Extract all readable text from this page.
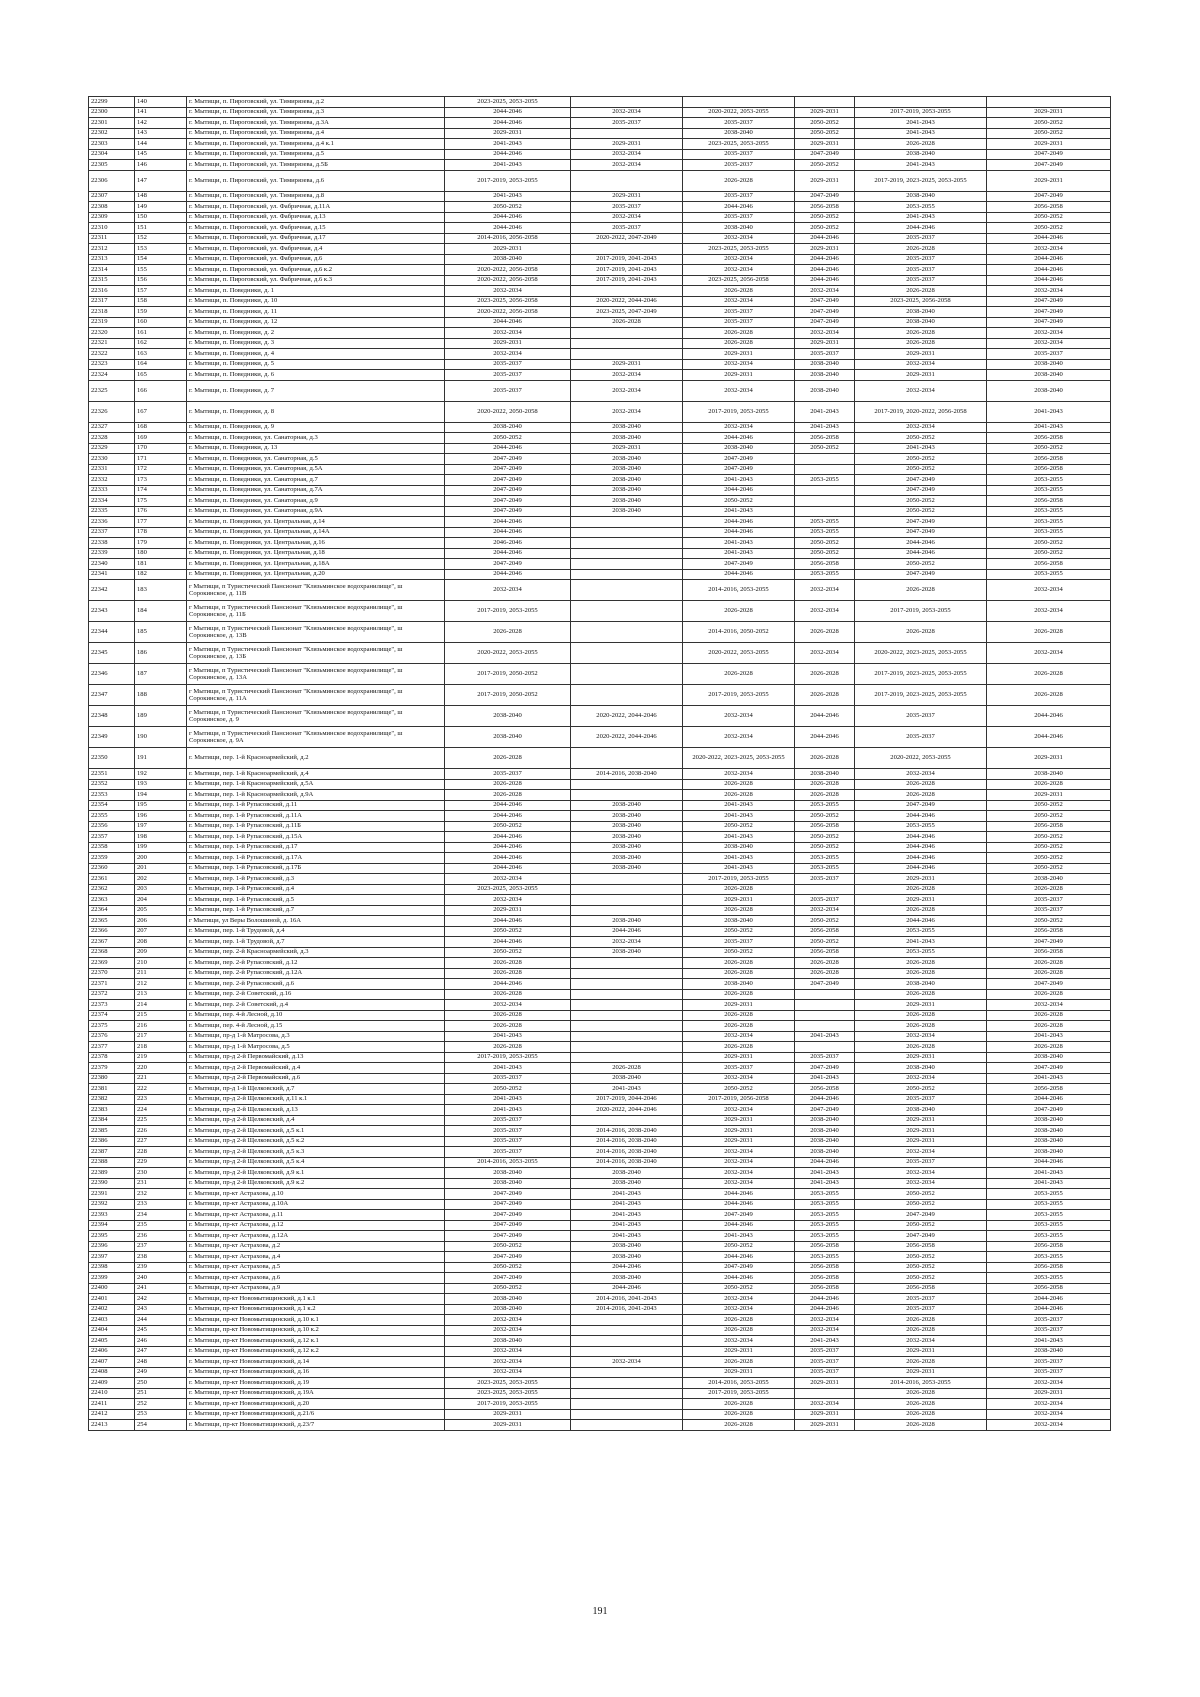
22299	140	г. Мытищи, п. Пироговский, ул. Тимирязева, д.2	2023-2025, 2053-2055					
22300	141	г. Мытищи, п. Пироговский, ул. Тимирязева, д.3	2044-2046	2032-2034	2020-2022, 2053-2055	2029-2031	2017-2019, 2053-2055	2029-2031
22301	142	г. Мытищи, п. Пироговский, ул. Тимирязева, д.3А	2044-2046	2035-2037	2035-2037	2050-2052	2041-2043	2050-2052
22302	143	г. Мытищи, п. Пироговский, ул. Тимирязева, д.4	2029-2031		2038-2040	2050-2052	2041-2043	2050-2052
22303	144	г. Мытищи, п. Пироговский, ул. Тимирязева, д.4 к.1	2041-2043	2029-2031	2023-2025, 2053-2055	2029-2031	2026-2028	2029-2031
22304	145	г. Мытищи, п. Пироговский, ул. Тимирязева, д.5	2044-2046	2032-2034	2035-2037	2047-2049	2038-2040	2047-2049
22305	146	г. Мытищи, п. Пироговский, ул. Тимирязева, д.5Б	2041-2043	2032-2034	2035-2037	2050-2052	2041-2043	2047-2049
22306	147	г. Мытищи, п. Пироговский, ул. Тимирязева, д.6	2017-2019, 2053-2055		2026-2028	2029-2031	2017-2019, 2023-2025, 2053-2055	2029-2031
22307	148	г. Мытищи, п. Пироговский, ул. Тимирязева, д.8	2041-2043	2029-2031	2035-2037	2047-2049	2038-2040	2047-2049
22308	149	г. Мытищи, п. Пироговский, ул. Фабричная, д.11А	2050-2052	2035-2037	2044-2046	2056-2058	2053-2055	2056-2058
22309	150	г. Мытищи, п. Пироговский, ул. Фабричная, д.13	2044-2046	2032-2034	2035-2037	2050-2052	2041-2043	2050-2052
22310	151	г. Мытищи, п. Пироговский, ул. Фабричная, д.15	2044-2046	2035-2037	2038-2040	2050-2052	2044-2046	2050-2052
22311	152	г. Мытищи, п. Пироговский, ул. Фабричная, д.17	2014-2016, 2056-2058	2020-2022, 2047-2049	2032-2034	2044-2046	2035-2037	2044-2046
22312	153	г. Мытищи, п. Пироговский, ул. Фабричная, д.4	2029-2031		2023-2025, 2053-2055	2029-2031	2026-2028	2032-2034
22313	154	г. Мытищи, п. Пироговский, ул. Фабричная, д.6	2038-2040	2017-2019, 2041-2043	2032-2034	2044-2046	2035-2037	2044-2046
22314	155	г. Мытищи, п. Пироговский, ул. Фабричная, д.6 к.2	2020-2022, 2056-2058	2017-2019, 2041-2043	2032-2034	2044-2046	2035-2037	2044-2046
22315	156	г. Мытищи, п. Пироговский, ул. Фабричная, д.6 к.3	2020-2022, 2056-2058	2017-2019, 2041-2043	2023-2025, 2056-2058	2044-2046	2035-2037	2044-2046
22316	157	г. Мытищи, п. Поведники, д. 1	2032-2034		2026-2028	2032-2034	2026-2028	2032-2034
22317	158	г. Мытищи, п. Поведники, д. 10	2023-2025, 2056-2058	2020-2022, 2044-2046	2032-2034	2047-2049	2023-2025, 2056-2058	2047-2049
22318	159	г. Мытищи, п. Поведники, д. 11	2020-2022, 2056-2058	2023-2025, 2047-2049	2035-2037	2047-2049	2038-2040	2047-2049
22319	160	г. Мытищи, п. Поведники, д. 12	2044-2046	2026-2028	2035-2037	2047-2049	2038-2040	2047-2049
22320	161	г. Мытищи, п. Поведники, д. 2	2032-2034		2026-2028	2032-2034	2026-2028	2032-2034
22321	162	г. Мытищи, п. Поведники, д. 3	2029-2031		2026-2028	2029-2031	2026-2028	2032-2034
22322	163	г. Мытищи, п. Поведники, д. 4	2032-2034		2029-2031	2035-2037	2029-2031	2035-2037
22323	164	г. Мытищи, п. Поведники, д. 5	2035-2037	2029-2031	2032-2034	2038-2040	2032-2034	2038-2040
22324	165	г. Мытищи, п. Поведники, д. 6	2035-2037	2032-2034	2029-2031	2038-2040	2029-2031	2038-2040
22325	166	г. Мытищи, п. Поведники, д. 7	2035-2037	2032-2034	2032-2034	2038-2040	2032-2034	2038-2040
22326	167	г. Мытищи, п. Поведники, д. 8	2020-2022, 2050-2058	2032-2034	2017-2019, 2053-2055	2041-2043	2017-2019, 2020-2022, 2056-2058	2041-2043
22327	168	г. Мытищи, п. Поведники, д. 9	2038-2040	2038-2040	2032-2034	2041-2043	2032-2034	2041-2043
22328	169	г. Мытищи, п. Поведники, ул. Санаторная, д.3	2050-2052	2038-2040	2044-2046	2056-2058	2050-2052	2056-2058
22329	170	г. Мытищи, п. Поведники, д. 13	2044-2046	2029-2031	2038-2040	2050-2052	2041-2043	2050-2052
22330	171	г. Мытищи, п. Поведники, ул. Санаторная, д.5	2047-2049	2038-2040	2047-2049		2050-2052	2056-2058
22331	172	г. Мытищи, п. Поведники, ул. Санаторная, д.5А	2047-2049	2038-2040	2047-2049		2050-2052	2056-2058
22332	173	г. Мытищи, п. Поведники, ул. Санаторная, д.7	2047-2049	2038-2040	2041-2043	2053-2055	2047-2049	2053-2055
22333	174	г. Мытищи, п. Поведники, ул. Санаторная, д.7А	2047-2049	2038-2040	2044-2046		2047-2049	2053-2055
22334	175	г. Мытищи, п. Поведники, ул. Санаторная, д.9	2047-2049	2038-2040	2050-2052		2050-2052	2056-2058
22335	176	г. Мытищи, п. Поведники, ул. Санаторная, д.9А	2047-2049	2038-2040	2041-2043		2050-2052	2053-2055
22336	177	г. Мытищи, п. Поведники, ул. Центральная, д.14	2044-2046		2044-2046	2053-2055	2047-2049	2053-2055
22337	178	г. Мытищи, п. Поведники, ул. Центральная, д.14А	2044-2046		2044-2046	2053-2055	2047-2049	2053-2055
22338	179	г. Мытищи, п. Поведники, ул. Центральная, д.16	2046-2046		2041-2043	2050-2052	2044-2046	2050-2052
22339	180	г. Мытищи, п. Поведники, ул. Центральная, д.18	2044-2046		2041-2043	2050-2052	2044-2046	2050-2052
22340	181	г. Мытищи, п. Поведники, ул. Центральная, д.18А	2047-2049		2047-2049	2056-2058	2050-2052	2056-2058
22341	182	г. Мытищи, п. Поведники, ул. Центральная, д.20	2044-2046		2044-2046	2053-2055	2047-2049	2053-2055
22342	183	г Мытищи, п Туристический Пансионат "Клязьминское водохранилище", ш Сорокинское, д. 11В	2032-2034		2014-2016, 2053-2055	2032-2034	2026-2028	2032-2034
22343	184	г Мытищи, п Туристический Пансионат "Клязьминское водохранилище", ш Сорокинское, д. 11Б	2017-2019, 2053-2055		2026-2028	2032-2034	2017-2019, 2053-2055	2032-2034
22344	185	г Мытищи, п Туристический Пансионат "Клязьминское водохранилище", ш Сорокинское, д. 13В	2026-2028		2014-2016, 2050-2052	2026-2028	2026-2028	2026-2028
22345	186	г Мытищи, п Туристический Пансионат "Клязьминское водохранилище", ш Сорокинское, д. 13Б	2020-2022, 2053-2055		2020-2022, 2053-2055	2032-2034	2020-2022, 2023-2025, 2053-2055	2032-2034
22346	187	г Мытищи, п Туристический Пансионат "Клязьминское водохранилище", ш Сорокинское, д. 13А	2017-2019, 2050-2052		2026-2028	2026-2028	2017-2019, 2023-2025, 2053-2055	2026-2028
22347	188	г Мытищи, п Туристический Пансионат "Клязьминское водохранилище", ш Сорокинское, д. 11А	2017-2019, 2050-2052		2017-2019, 2053-2055	2026-2028	2017-2019, 2023-2025, 2053-2055	2026-2028
22348	189	г Мытищи, п Туристический Пансионат "Клязьминское водохранилище", ш Сорокинское, д. 9	2038-2040	2020-2022, 2044-2046	2032-2034	2044-2046	2035-2037	2044-2046
22349	190	г Мытищи, п Туристический Пансионат "Клязьминское водохранилище", ш Сорокинское, д. 9А	2038-2040	2020-2022, 2044-2046	2032-2034	2044-2046	2035-2037	2044-2046
22350	191	г. Мытищи, пер. 1-й Красноармейский, д.2	2026-2028		2020-2022, 2023-2025, 2053-2055	2026-2028	2020-2022, 2053-2055	2029-2031
22351	192	г. Мытищи, пер. 1-й Красноармейский, д.4	2035-2037	2014-2016, 2038-2040	2032-2034	2038-2040	2032-2034	2038-2040
22352	193	г. Мытищи, пер. 1-й Красноармейский, д.5А	2026-2028		2026-2028	2026-2028	2026-2028	2026-2028
22353	194	г. Мытищи, пер. 1-й Красноармейский, д.9А	2026-2028		2026-2028	2026-2028	2026-2028	2029-2031
22354	195	г. Мытищи, пер. 1-й Рупасовский, д.11	2044-2046	2038-2040	2041-2043	2053-2055	2047-2049	2050-2052
22355	196	г. Мытищи, пер. 1-й Рупасовский, д.11А	2044-2046	2038-2040	2041-2043	2050-2052	2044-2046	2050-2052
22356	197	г. Мытищи, пер. 1-й Рупасовский, д.11Б	2050-2052	2038-2040	2050-2052	2056-2058	2053-2055	2056-2058
22357	198	г. Мытищи, пер. 1-й Рупасовский, д.15А	2044-2046	2038-2040	2041-2043	2050-2052	2044-2046	2050-2052
22358	199	г. Мытищи, пер. 1-й Рупасовский, д.17	2044-2046	2038-2040	2038-2040	2050-2052	2044-2046	2050-2052
22359	200	г. Мытищи, пер. 1-й Рупасовский, д.17А	2044-2046	2038-2040	2041-2043	2053-2055	2044-2046	2050-2052
22360	201	г. Мытищи, пер. 1-й Рупасовский, д.17Б	2044-2046	2038-2040	2041-2043	2053-2055	2044-2046	2050-2052
22361	202	г. Мытищи, пер. 1-й Рупасовский, д.3	2032-2034		2017-2019, 2053-2055	2035-2037	2029-2031	2038-2040
22362	203	г. Мытищи, пер. 1-й Рупасовский, д.4	2023-2025, 2053-2055		2026-2028		2026-2028	2026-2028
22363	204	г. Мытищи, пер. 1-й Рупасовский, д.5	2032-2034		2029-2031	2035-2037	2029-2031	2035-2037
22364	205	г. Мытищи, пер. 1-й Рупасовский, д.7	2029-2031		2026-2028	2032-2034	2026-2028	2035-2037
22365	206	г Мытищи, ул Веры Волошиной, д. 16А	2044-2046	2038-2040	2038-2040	2050-2052	2044-2046	2050-2052
22366	207	г. Мытищи, пер. 1-й Трудовой, д.4	2050-2052	2044-2046	2050-2052	2056-2058	2053-2055	2056-2058
22367	208	г. Мытищи, пер. 1-й Трудовой, д.7	2044-2046	2032-2034	2035-2037	2050-2052	2041-2043	2047-2049
22368	209	г. Мытищи, пер. 2-й Красноармейский, д.3	2050-2052	2038-2040	2050-2052	2056-2058	2053-2055	2056-2058
22369	210	г. Мытищи, пер. 2-й Рупасовский, д.12	2026-2028		2026-2028	2026-2028	2026-2028	2026-2028
22370	211	г. Мытищи, пер. 2-й Рупасовский, д.12А	2026-2028		2026-2028	2026-2028	2026-2028	2026-2028
22371	212	г. Мытищи, пер. 2-й Рупасовский, д.6	2044-2046		2038-2040	2047-2049	2038-2040	2047-2049
22372	213	г. Мытищи, пер. 2-й Советский, д.16	2026-2028		2026-2028		2026-2028	2026-2028
22373	214	г. Мытищи, пер. 2-й Советский, д.4	2032-2034		2029-2031		2029-2031	2032-2034
22374	215	г. Мытищи, пер. 4-й Лесной, д.10	2026-2028		2026-2028		2026-2028	2026-2028
22375	216	г. Мытищи, пер. 4-й Лесной, д.15	2026-2028		2026-2028		2026-2028	2026-2028
22376	217	г. Мытищи, пр-д 1-й Матросова, д.3	2041-2043		2032-2034	2041-2043	2032-2034	2041-2043
22377	218	г. Мытищи, пр-д 1-й Матросова, д.5	2026-2028		2026-2028		2026-2028	2026-2028
22378	219	г. Мытищи, пр-д 2-й Первомайский, д.13	2017-2019, 2053-2055		2029-2031	2035-2037	2029-2031	2038-2040
22379	220	г. Мытищи, пр-д 2-й Первомайский, д.4	2041-2043	2026-2028	2035-2037	2047-2049	2038-2040	2047-2049
22380	221	г. Мытищи, пр-д 2-й Первомайский, д.6	2035-2037	2038-2040	2032-2034	2041-2043	2032-2034	2041-2043
22381	222	г. Мытищи, пр-д 1-й Щелковский, д.7	2050-2052	2041-2043	2050-2052	2056-2058	2050-2052	2056-2058
22382	223	г. Мытищи, пр-д 2-й Щелковский, д.11 к.1	2041-2043	2017-2019, 2044-2046	2017-2019, 2056-2058	2044-2046	2035-2037	2044-2046
22383	224	г. Мытищи, пр-д 2-й Щелковский, д.13	2041-2043	2020-2022, 2044-2046	2032-2034	2047-2049	2038-2040	2047-2049
22384	225	г. Мытищи, пр-д 2-й Щелковский, д.4	2035-2037		2029-2031	2038-2040	2029-2031	2038-2040
22385	226	г. Мытищи, пр-д 2-й Щелковский, д.5 к.1	2035-2037	2014-2016, 2038-2040	2029-2031	2038-2040	2029-2031	2038-2040
22386	227	г. Мытищи, пр-д 2-й Щелковский, д.5 к.2	2035-2037	2014-2016, 2038-2040	2029-2031	2038-2040	2029-2031	2038-2040
22387	228	г. Мытищи, пр-д 2-й Щелковский, д.5 к.3	2035-2037	2014-2016, 2038-2040	2032-2034	2038-2040	2032-2034	2038-2040
22388	229	г. Мытищи, пр-д 2-й Щелковский, д.5 к.4	2014-2016, 2053-2055	2014-2016, 2038-2040	2032-2034	2044-2046	2035-2037	2044-2046
22389	230	г. Мытищи, пр-д 2-й Щелковский, д.9 к.1	2038-2040	2038-2040	2032-2034	2041-2043	2032-2034	2041-2043
22390	231	г. Мытищи, пр-д 2-й Щелковский, д.9 к.2	2038-2040	2038-2040	2032-2034	2041-2043	2032-2034	2041-2043
22391	232	г. Мытищи, пр-кт Астрахова, д.10	2047-2049	2041-2043	2044-2046	2053-2055	2050-2052	2053-2055
22392	233	г. Мытищи, пр-кт Астрахова, д.10А	2047-2049	2041-2043	2044-2046	2053-2055	2050-2052	2053-2055
22393	234	г. Мытищи, пр-кт Астрахова, д.11	2047-2049	2041-2043	2047-2049	2053-2055	2047-2049	2053-2055
22394	235	г. Мытищи, пр-кт Астрахова, д.12	2047-2049	2041-2043	2044-2046	2053-2055	2050-2052	2053-2055
22395	236	г. Мытищи, пр-кт Астрахова, д.12А	2047-2049	2041-2043	2041-2043	2053-2055	2047-2049	2053-2055
22396	237	г. Мытищи, пр-кт Астрахова, д.2	2050-2052	2038-2040	2050-2052	2056-2058	2056-2058	2056-2058
22397	238	г. Мытищи, пр-кт Астрахова, д.4	2047-2049	2038-2040	2044-2046	2053-2055	2050-2052	2053-2055
22398	239	г. Мытищи, пр-кт Астрахова, д.5	2050-2052	2044-2046	2047-2049	2056-2058	2050-2052	2056-2058
22399	240	г. Мытищи, пр-кт Астрахова, д.6	2047-2049	2038-2040	2044-2046	2056-2058	2050-2052	2053-2055
22400	241	г. Мытищи, пр-кт Астрахова, д.9	2050-2052	2044-2046	2050-2052	2056-2058	2056-2058	2056-2058
22401	242	г. Мытищи, пр-кт Новомытищинский, д.1 к.1	2038-2040	2014-2016, 2041-2043	2032-2034	2044-2046	2035-2037	2044-2046
22402	243	г. Мытищи, пр-кт Новомытищинский, д.1 к.2	2038-2040	2014-2016, 2041-2043	2032-2034	2044-2046	2035-2037	2044-2046
22403	244	г. Мытищи, пр-кт Новомытищинский, д.10 к.1	2032-2034		2026-2028	2032-2034	2026-2028	2035-2037
22404	245	г. Мытищи, пр-кт Новомытищинский, д.10 к.2	2032-2034		2026-2028	2032-2034	2026-2028	2035-2037
22405	246	г. Мытищи, пр-кт Новомытищинский, д.12 к.1	2038-2040		2032-2034	2041-2043	2032-2034	2041-2043
22406	247	г. Мытищи, пр-кт Новомытищинский, д.12 к.2	2032-2034		2029-2031	2035-2037	2029-2031	2038-2040
22407	248	г. Мытищи, пр-кт Новомытищинский, д.14	2032-2034	2032-2034	2026-2028	2035-2037	2026-2028	2035-2037
22408	249	г. Мытищи, пр-кт Новомытищинский, д.16	2032-2034		2029-2031	2035-2037	2029-2031	2035-2037
22409	250	г. Мытищи, пр-кт Новомытищинский, д.19	2023-2025, 2053-2055		2014-2016, 2053-2055	2029-2031	2014-2016, 2053-2055	2032-2034
22410	251	г. Мытищи, пр-кт Новомытищинский, д.19А	2023-2025, 2053-2055		2017-2019, 2053-2055		2026-2028	2029-2031
22411	252	г. Мытищи, пр-кт Новомытищинский, д.20	2017-2019, 2053-2055		2026-2028	2032-2034	2026-2028	2032-2034
22412	253	г. Мытищи, пр-кт Новомытищинский, д.21/6	2029-2031		2026-2028	2029-2031	2026-2028	2032-2034
22413	254	г. Мытищи, пр-кт Новомытищинский, д.23/7	2029-2031		2026-2028	2029-2031	2026-2028	2032-2034
191
